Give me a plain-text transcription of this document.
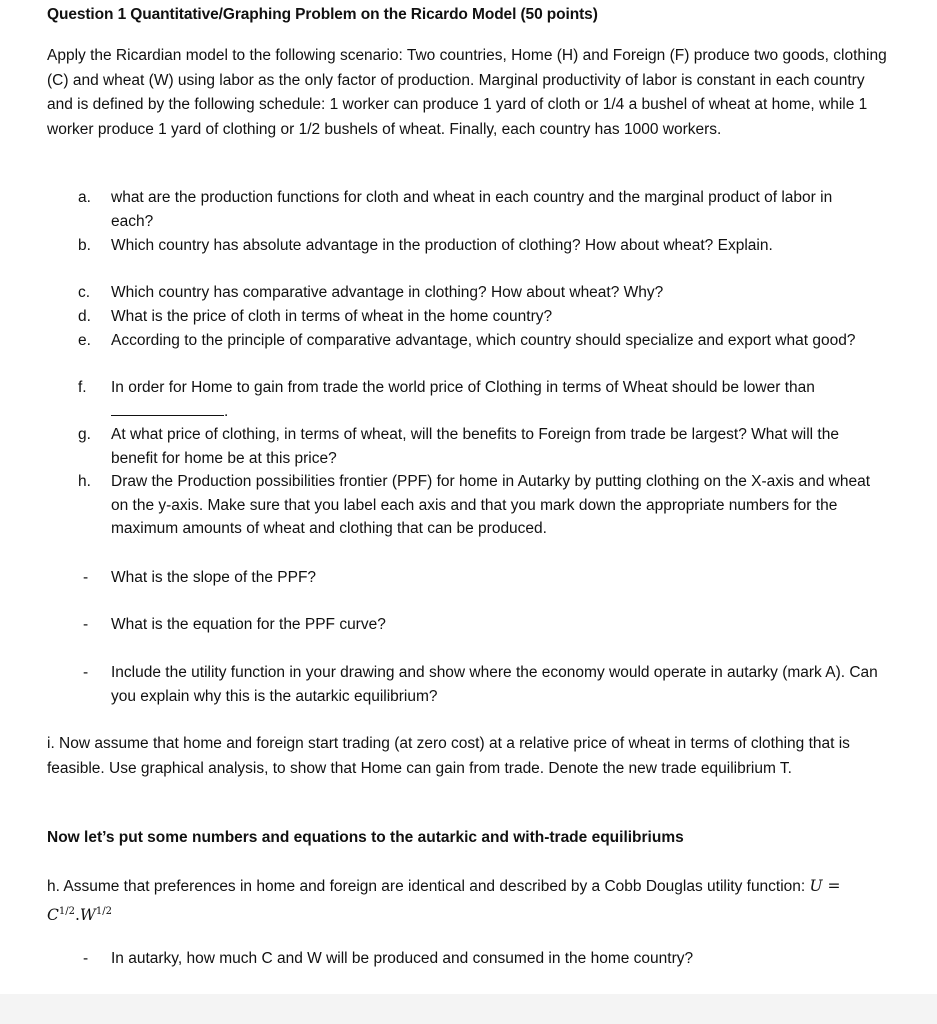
Question 1 Quantitative/Graphing Problem on the Ricardo Model (50 points)
Apply the Ricardian model to the following scenario: Two countries, Home (H) and Foreign (F) produce two goods, clothing (C) and wheat (W) using labor as the only factor of production. Marginal productivity of labor is constant in each country and is defined by the following schedule: 1 worker can produce 1 yard of cloth or 1/4 a bushel of wheat at home, while 1 worker produce 1 yard of clothing or 1/2 bushels of wheat. Finally, each country has 1000 workers.
a.	what are the production functions for cloth and wheat in each country and the marginal product of labor in each?
b.	Which country has absolute advantage in the production of clothing? How about wheat? Explain.
c.	Which country has comparative advantage in clothing? How about wheat? Why?
d.	What is the price of cloth in terms of wheat in the home country?
e.	According to the principle of comparative advantage, which country should specialize and export what good?
f.	In order for Home to gain from trade the world price of Clothing in terms of Wheat should be lower than .
g.	At what price of clothing, in terms of wheat, will the benefits to Foreign from trade be largest? What will the benefit for home be at this price?
h.	Draw the Production possibilities frontier (PPF) for home in Autarky by putting clothing on the X-axis and wheat on the y-axis. Make sure that you label each axis and that you mark down the appropriate numbers for the maximum amounts of wheat and clothing that can be produced.
- What is the slope of the PPF?
- What is the equation for the PPF curve?
- Include the utility function in your drawing and show where the economy would operate in autarky (mark A). Can you explain why this is the autarkic equilibrium?
i. Now assume that home and foreign start trading (at zero cost) at a relative price of wheat in terms of clothing that is feasible. Use graphical analysis, to show that Home can gain from trade. Denote the new trade equilibrium T.
Now let’s put some numbers and equations to the autarkic and with-trade equilibriums
h. Assume that preferences in home and foreign are identical and described by a Cobb Douglas utility function: $U = C^{1/2}.W^{1/2}$
- In autarky, how much C and W will be produced and consumed in the home country?
